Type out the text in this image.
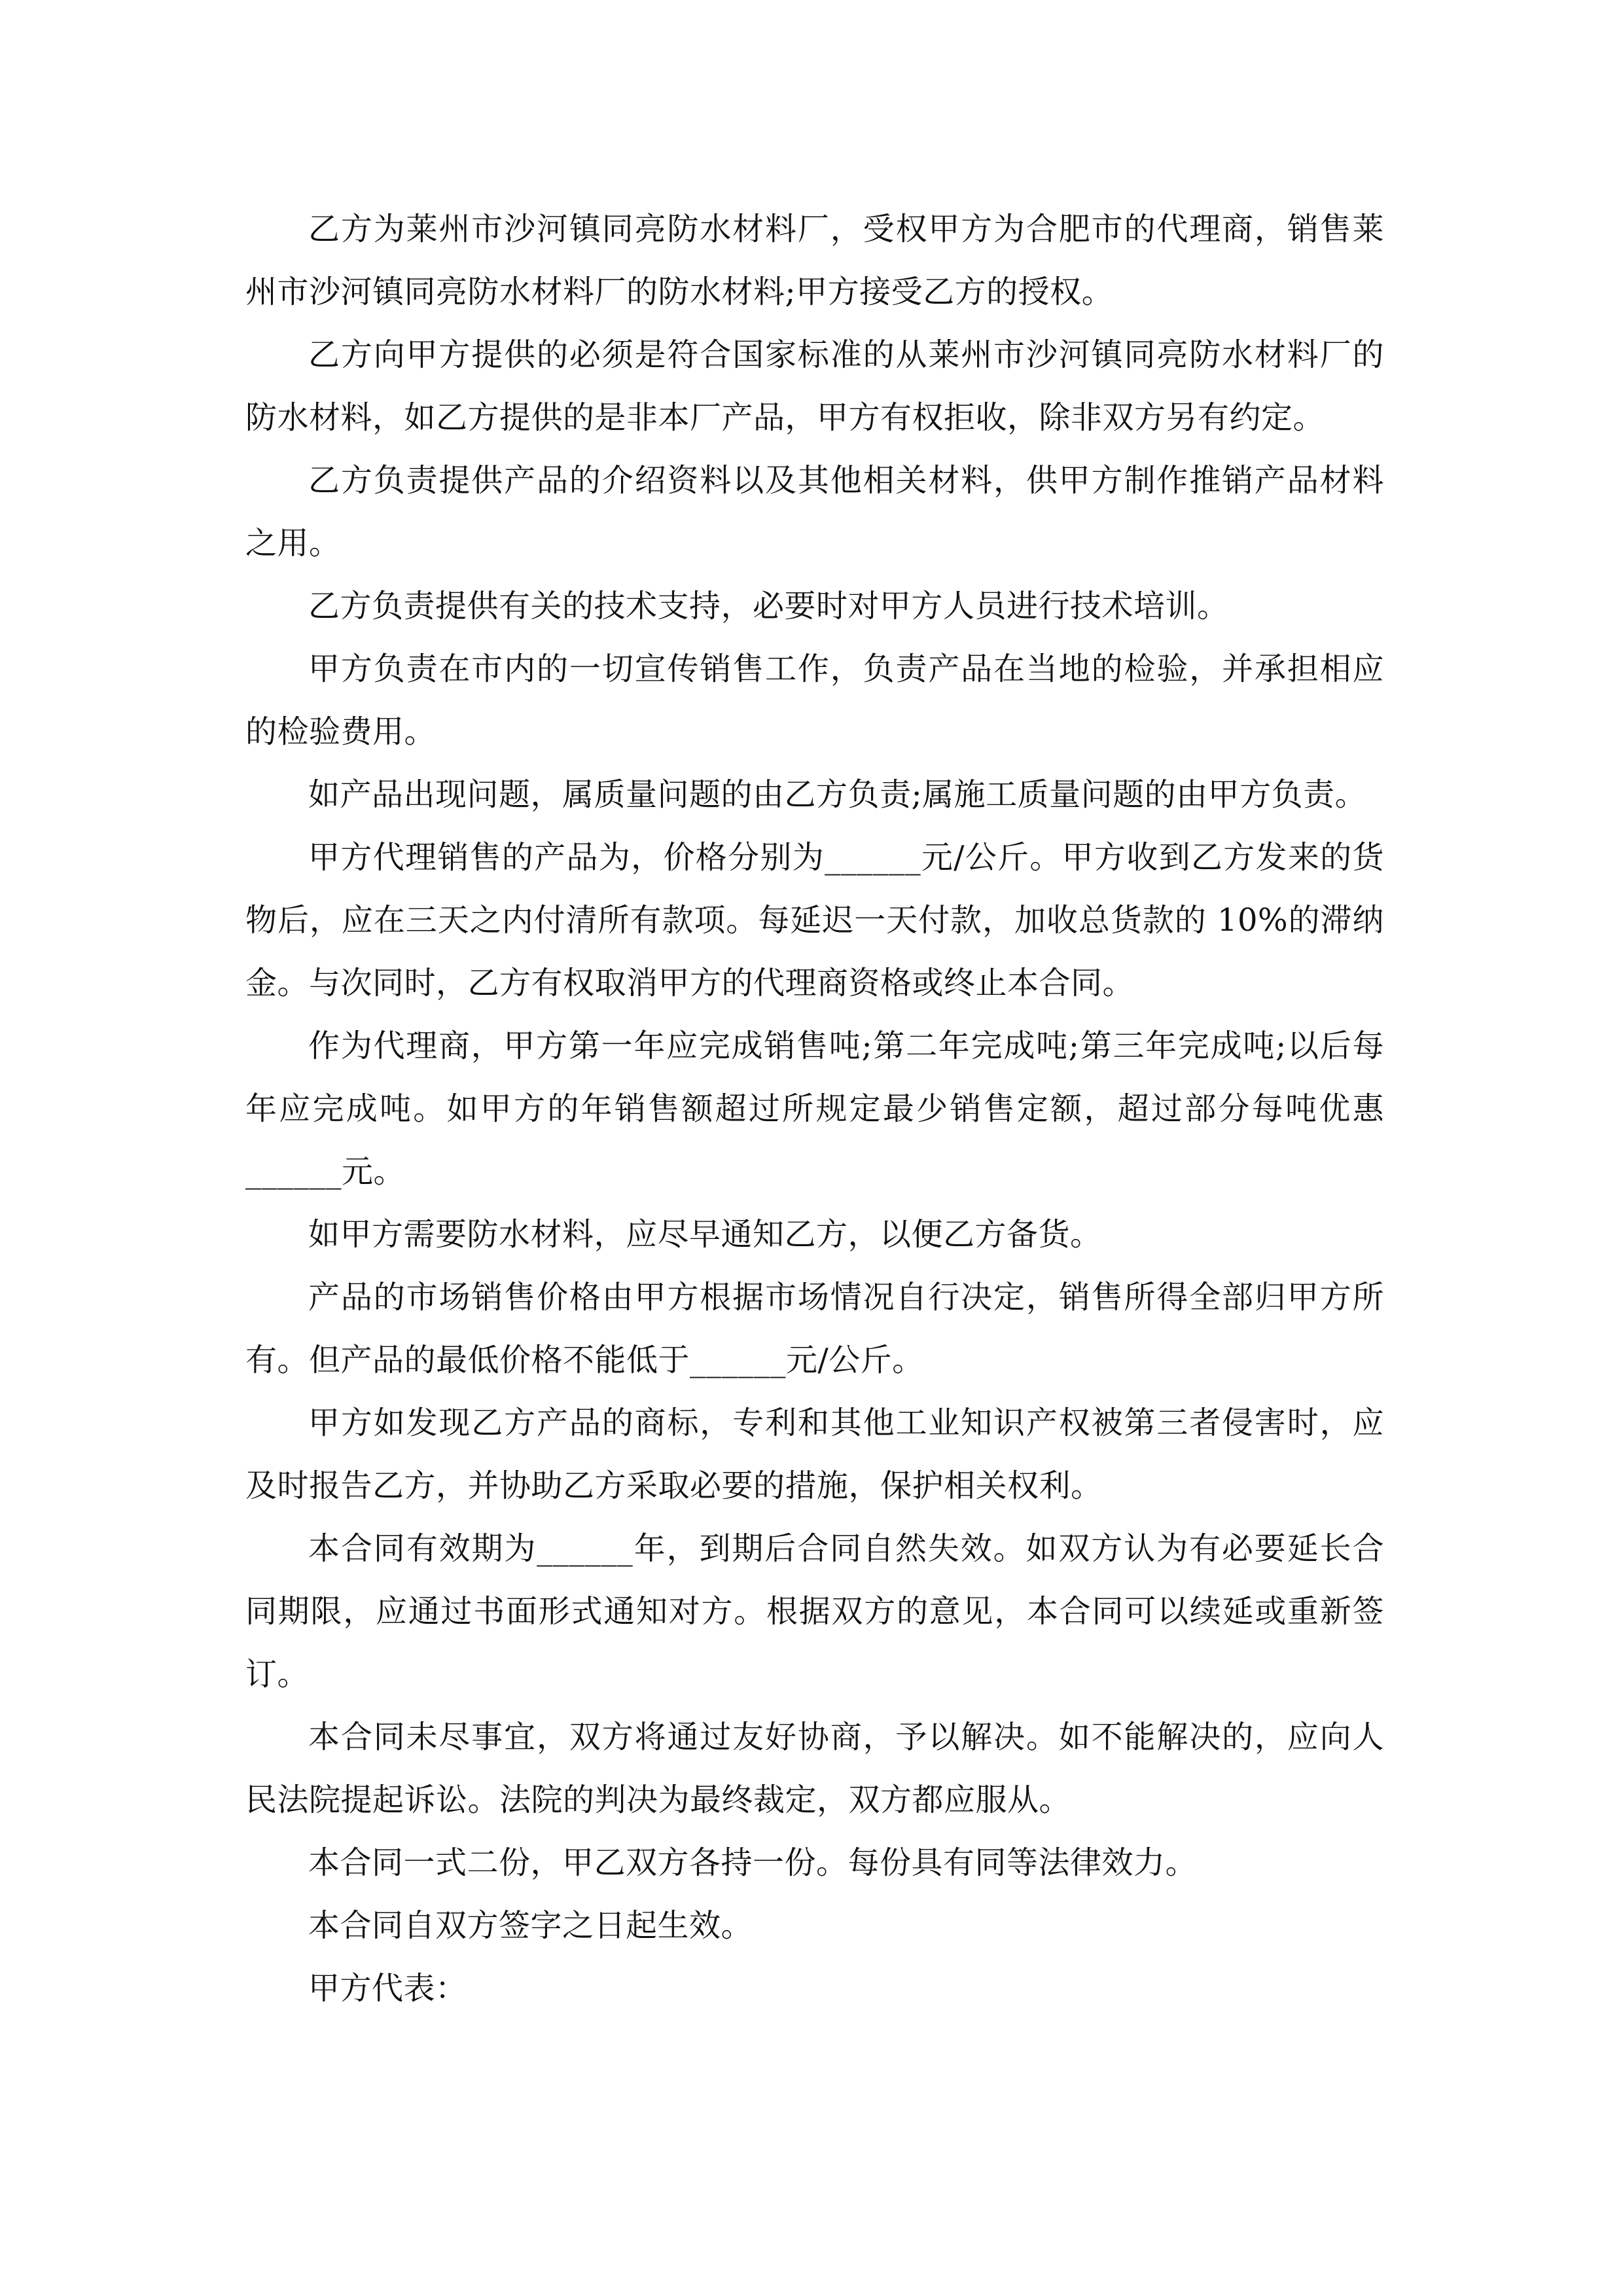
乙方为莱州市沙河镇同亮防水材料厂，受权甲方为合肥市的代理商，销售莱州市沙河镇同亮防水材料厂的防水材料;甲方接受乙方的授权。

乙方向甲方提供的必须是符合国家标准的从莱州市沙河镇同亮防水材料厂的防水材料，如乙方提供的是非本厂产品，甲方有权拒收，除非双方另有约定。

乙方负责提供产品的介绍资料以及其他相关材料，供甲方制作推销产品材料之用。

乙方负责提供有关的技术支持，必要时对甲方人员进行技术培训。

甲方负责在市内的一切宣传销售工作，负责产品在当地的检验，并承担相应的检验费用。

如产品出现问题，属质量问题的由乙方负责;属施工质量问题的由甲方负责。

甲方代理销售的产品为，价格分别为______元/公斤。甲方收到乙方发来的货物后，应在三天之内付清所有款项。每延迟一天付款，加收总货款的 10%的滞纳金。与次同时，乙方有权取消甲方的代理商资格或终止本合同。

作为代理商，甲方第一年应完成销售吨;第二年完成吨;第三年完成吨;以后每年应完成吨。如甲方的年销售额超过所规定最少销售定额，超过部分每吨优惠______元。

如甲方需要防水材料，应尽早通知乙方，以便乙方备货。

产品的市场销售价格由甲方根据市场情况自行决定，销售所得全部归甲方所有。但产品的最低价格不能低于______元/公斤。

甲方如发现乙方产品的商标，专利和其他工业知识产权被第三者侵害时，应及时报告乙方，并协助乙方采取必要的措施，保护相关权利。

本合同有效期为______年，到期后合同自然失效。如双方认为有必要延长合同期限，应通过书面形式通知对方。根据双方的意见，本合同可以续延或重新签订。

本合同未尽事宜，双方将通过友好协商，予以解决。如不能解决的，应向人民法院提起诉讼。法院的判决为最终裁定，双方都应服从。

本合同一式二份，甲乙双方各持一份。每份具有同等法律效力。

本合同自双方签字之日起生效。

甲方代表：
